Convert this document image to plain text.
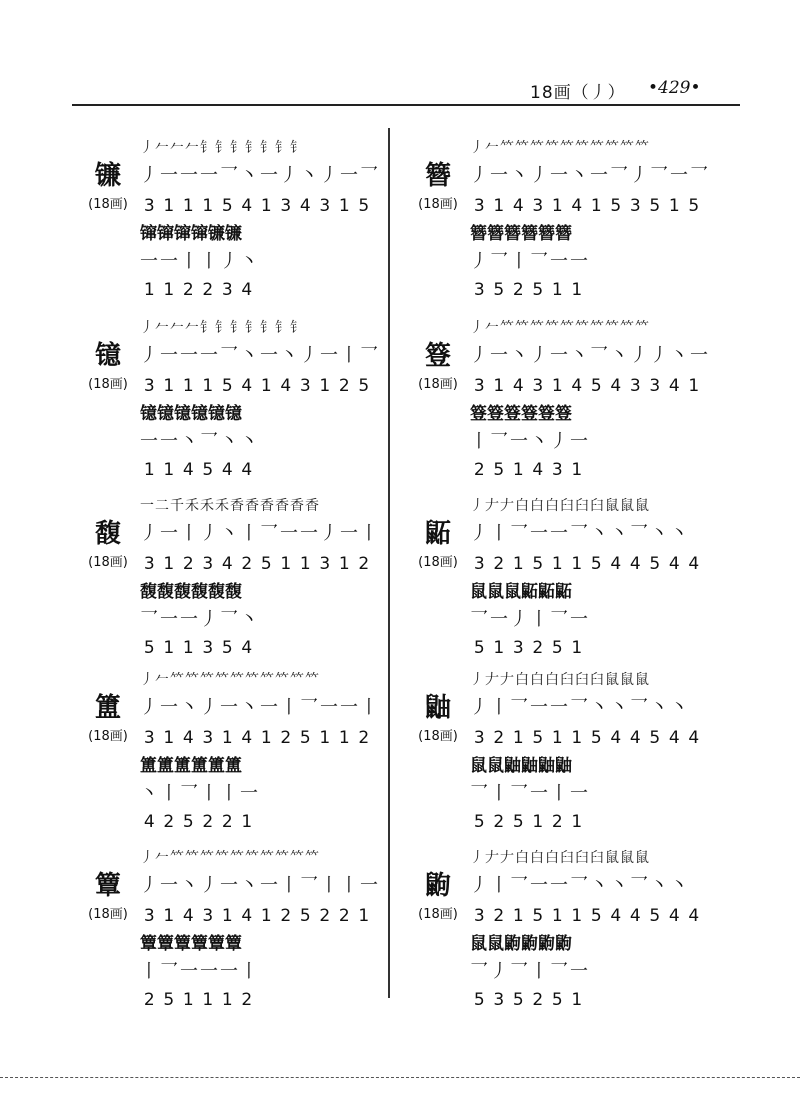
18画（丿） •429•
镰
(18画)
丿𠂉𠂉𠂉钅钅钅钅钅钅钅
丿一一一乛丶一丿丶丿一乛
3 1 1 1 5 4 1 3 4 3 1 5
镩镩镩镩镰镰
一一丨丨丿丶
1 1 2 2 3 4
镱
(18画)
丿𠂉𠂉𠂉钅钅钅钅钅钅钅
丿一一一乛丶一丶丿一丨乛
3 1 1 1 5 4 1 4 3 1 2 5
镱镱镱镱镱镱
一一丶乛丶丶
1 1 4 5 4 4
馥
(18画)
一二千禾禾禾香香香香香香
丿一丨丿丶丨乛一一丿一丨
3 1 2 3 4 2 5 1 1 3 1 2
馥馥馥馥馥馥
乛一一丿乛丶
5 1 1 3 5 4
簠
(18画)
丿𠂉𥫗𥫗𥫗𥫗𥫗𥫗𥫗𥫗𥫗𥫗
丿一丶丿一丶一丨乛一一丨
3 1 4 3 1 4 1 2 5 1 1 2
簠簠簠簠簠簠
丶丨乛丨丨一
4 2 5 2 2 1
簟
(18画)
丿𠂉𥫗𥫗𥫗𥫗𥫗𥫗𥫗𥫗𥫗𥫗
丿一丶丿一丶一丨乛丨丨一
3 1 4 3 1 4 1 2 5 2 2 1
簟簟簟簟簟簟
丨乛一一一丨
2 5 1 1 1 2
簪
(18画)
丿𠂉𥫗𥫗𥫗𥫗𥫗𥫗𥫗𥫗𥫗𥫗
丿一丶丿一丶一乛丿乛一乛
3 1 4 3 1 4 1 5 3 5 1 5
簪簪簪簪簪簪
丿乛丨乛一一
3 5 2 5 1 1
簦
(18画)
丿𠂉𥫗𥫗𥫗𥫗𥫗𥫗𥫗𥫗𥫗𥫗
丿一丶丿一丶乛丶丿丿丶一
3 1 4 3 1 4 5 4 3 3 4 1
簦簦簦簦簦簦
丨乛一丶丿一
2 5 1 4 3 1
鼫
(18画)
丿𠂇𠂇白白白臼臼臼鼠鼠鼠
丿丨乛一一乛丶丶乛丶丶
3 2 1 5 1 1 5 4 4 5 4 4
鼠鼠鼠鼫鼫鼫
乛一丿丨乛一
5 1 3 2 5 1
鼬
(18画)
丿𠂇𠂇白白白臼臼臼鼠鼠鼠
丿丨乛一一乛丶丶乛丶丶
3 2 1 5 1 1 5 4 4 5 4 4
鼠鼠鼬鼬鼬鼬
乛丨乛一丨一
5 2 5 1 2 1
鼩
(18画)
丿𠂇𠂇白白白臼臼臼鼠鼠鼠
丿丨乛一一乛丶丶乛丶丶
3 2 1 5 1 1 5 4 4 5 4 4
鼠鼠鼩鼩鼩鼩
乛丿乛丨乛一
5 3 5 2 5 1
